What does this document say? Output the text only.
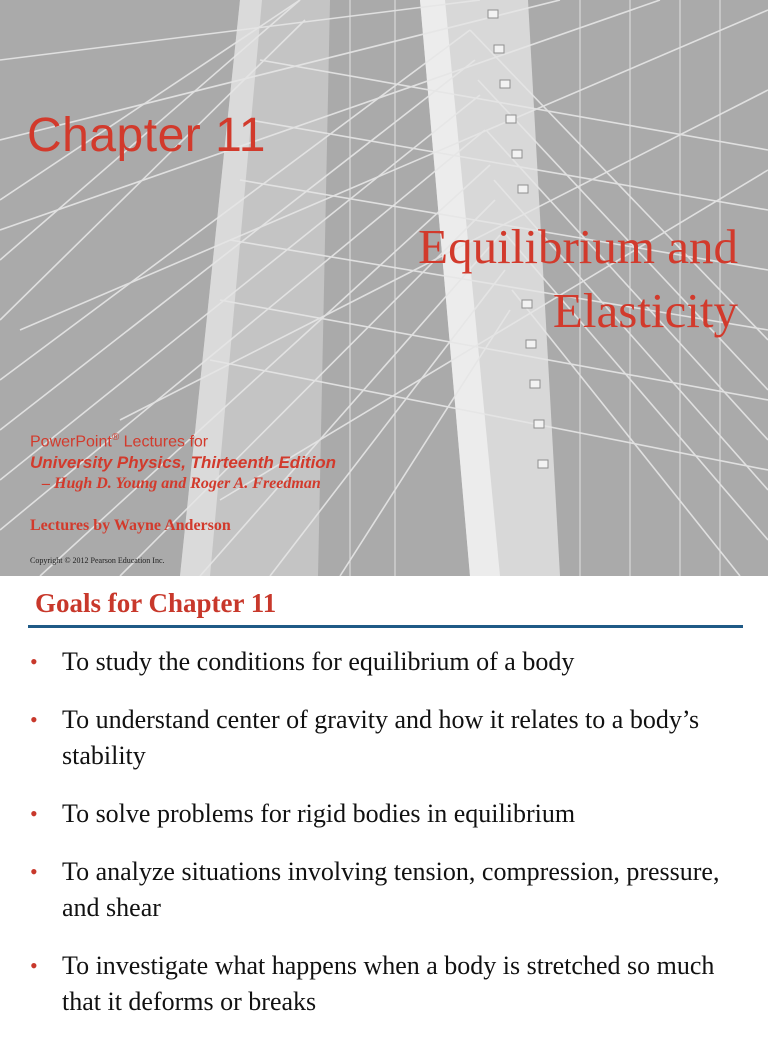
Chapter 11
Equilibrium and
Elasticity
PowerPoint® Lectures for
University Physics, Thirteenth Edition
– Hugh D. Young and Roger A. Freedman
Lectures by Wayne Anderson
Copyright © 2012 Pearson Education Inc.
Goals for Chapter 11
• To study the conditions for equilibrium of a body
• To understand center of gravity and how it relates to a body’s stability
• To solve problems for rigid bodies in equilibrium
• To analyze situations involving tension, compression, pressure, and shear
• To investigate what happens when a body is stretched so much that it deforms or breaks
